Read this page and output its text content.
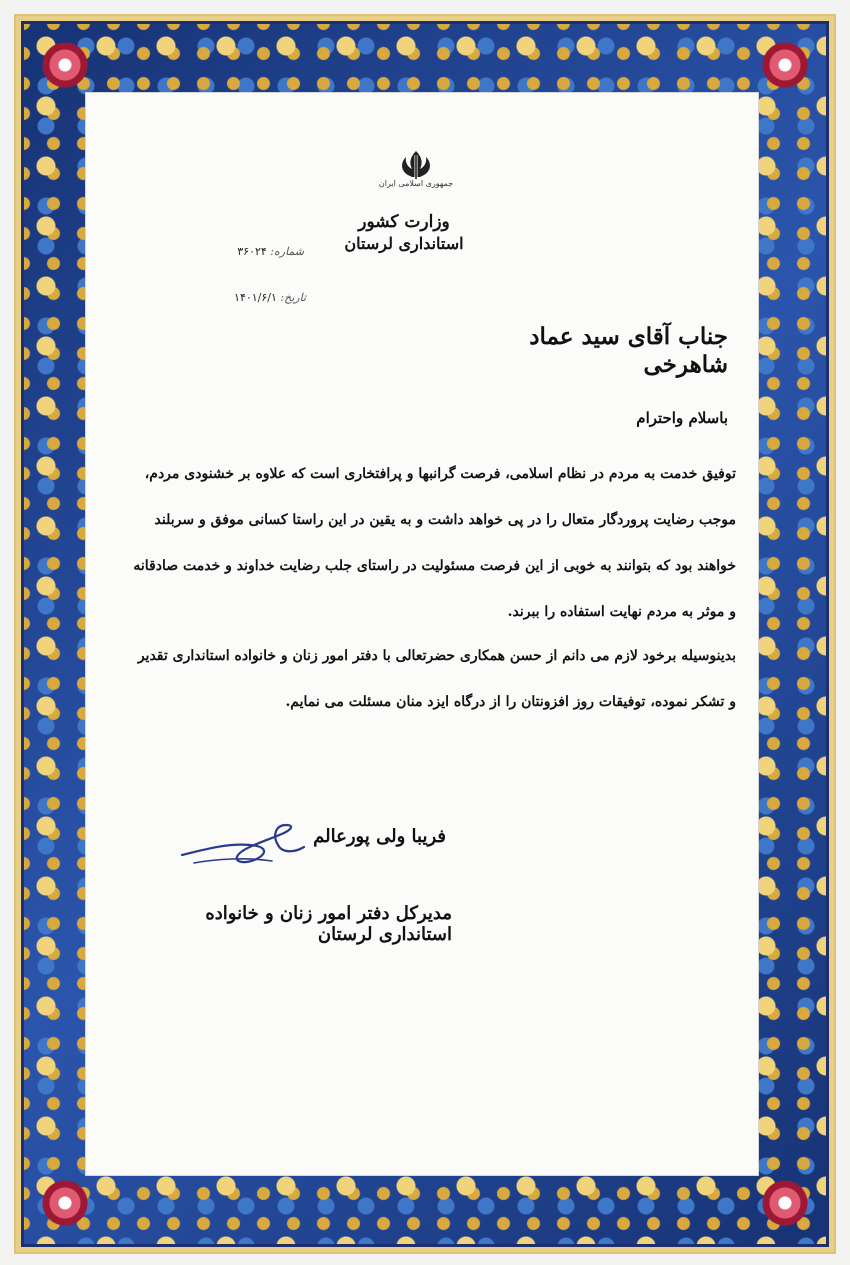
جمهوری اسلامی ایران
وزارت کشور
استانداری لرستان
شماره: ۳۶۰۲۴
تاریخ: ۱۴۰۱/۶/۱
جناب آقای سید عماد شاهرخی
باسلام واحترام
توفیق خدمت به مردم در نظام اسلامی، فرصت گرانبها و پرافتخاری است که علاوه بر خشنودی مردم، موجب رضایت پروردگار متعال را در پی خواهد داشت و به یقین در این راستا کسانی موفق و سربلند خواهند بود که بتوانند به خوبی از این فرصت مسئولیت در راستای جلب رضایت خداوند و خدمت صادقانه و موثر به مردم نهایت استفاده را ببرند.
بدینوسیله برخود لازم می دانم از حسن همکاری حضرتعالی با دفتر امور زنان و خانواده استانداری تقدیر و تشکر نموده، توفیقات روز افزونتان را از درگاه ایزد منان مسئلت می نمایم.
فریبا ولی پورعالم
مدیرکل دفتر امور زنان و خانواده استانداری لرستان
